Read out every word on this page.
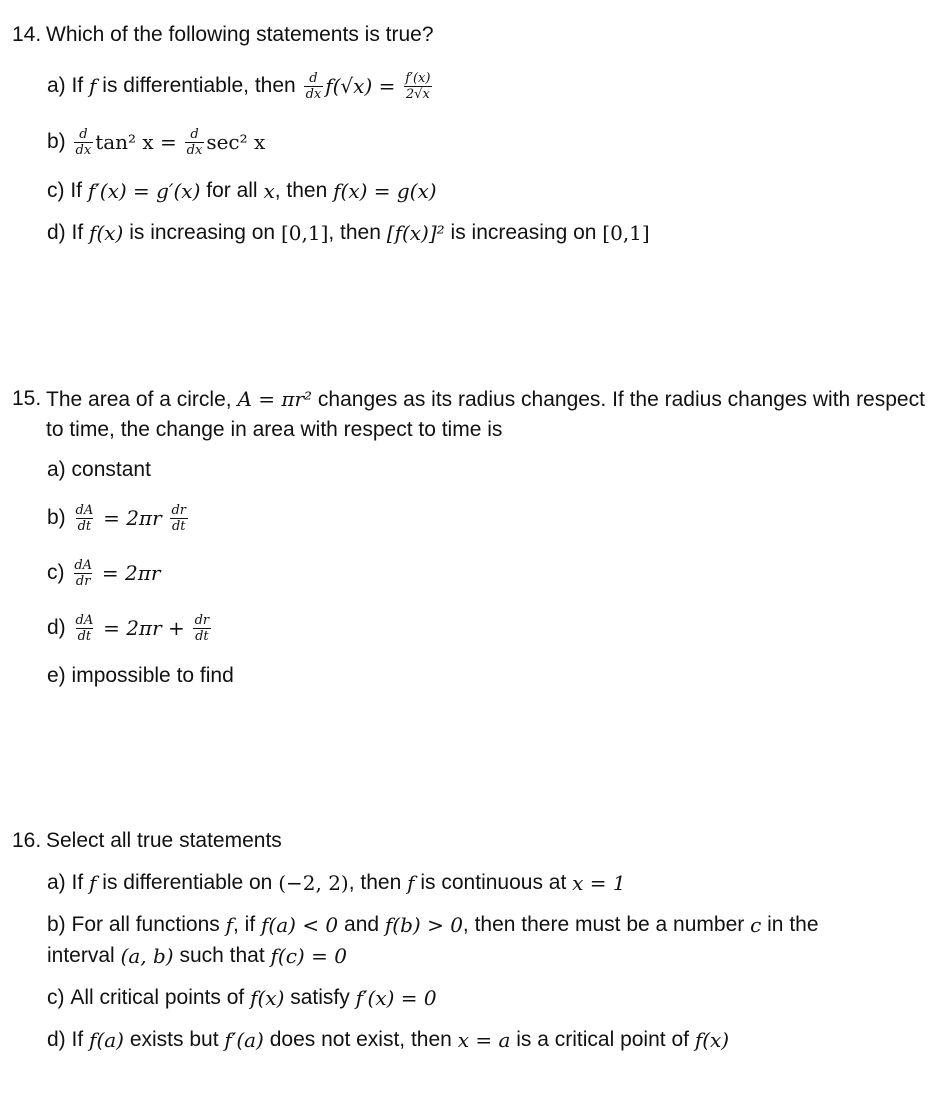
14. Which of the following statements is true?
a)
If
f
is differentiable, then
$\frac{d}{dx} f(√x)$ =
$\frac{f'(x)}{2√x}$
b)
$\frac{d}{dx} \tan^2$ x =
$\frac{d}{dx} \sec^2$ x
c)
If
f′(x) = g′(x)
for all
x , then
f(x) = g(x)
d)
If
f(x)
is increasing on
[0,1] , then
[f(x)]²
is increasing on
[0,1]
15. The area of a circle, A = πr² changes as its radius changes. If the radius changes with respect to time, the change in area with respect to time is
a)
constant
b)
$\frac{dA}{dt}$
= 2πr
$\frac{dr}{dt}$
c)
$\frac{dA}{dr}$
= 2πr
d)
$\frac{dA}{dt}$
= 2πr +
$\frac{dr}{dt}$
e)
impossible to find
16. Select all true statements
a)
If
f
is differentiable on
(−2, 2) , then
f
is continuous at
x = 1
b)
For all functions
f , if
f(a) < 0
and
f(b) > 0 , then there must be a number
c
in the
interval
(a, b)
such that
f(c) = 0
c)
All critical points of
f(x)
satisfy
f′(x) = 0
d)
If
f(a)
exists but
f′(a)
does not exist, then
x = a
is a critical point of
f(x)
